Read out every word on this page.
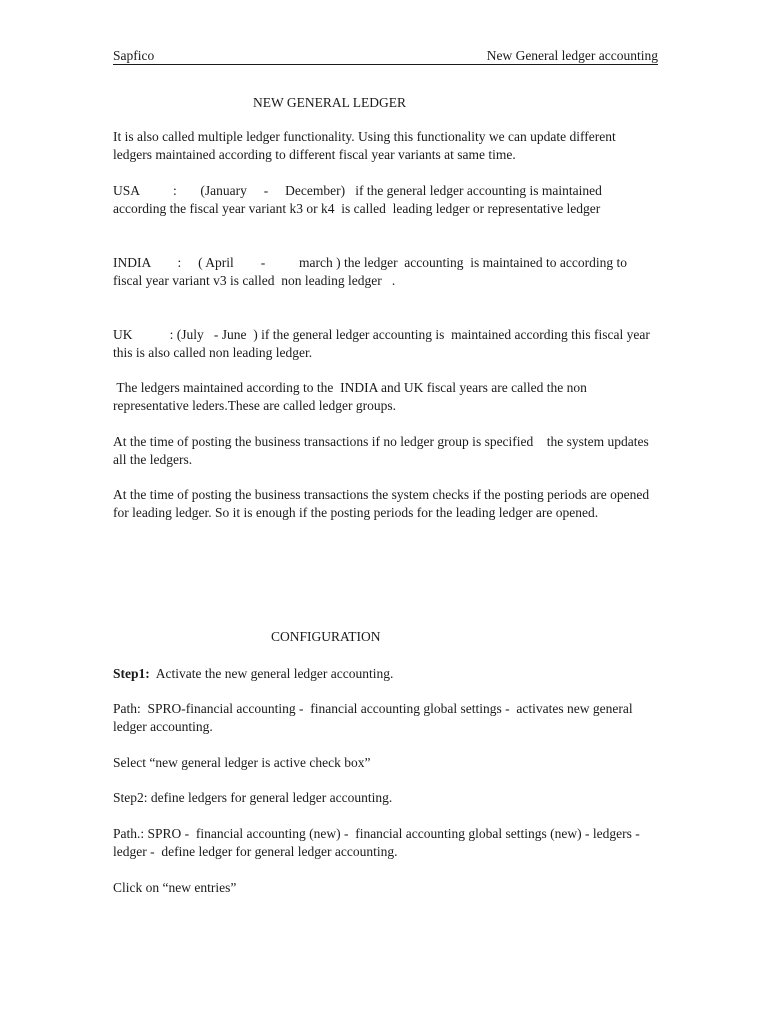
Sapfico	New General ledger accounting
NEW GENERAL LEDGER

It is also called multiple ledger functionality. Using this functionality we can update different ledgers maintained according to different fiscal year variants at same time.

USA          :       (January     -     December)   if the general ledger accounting is maintained according the fiscal year variant k3 or k4  is called  leading ledger or representative ledger

INDIA        :     ( April        -          march ) the ledger  accounting  is maintained to according to  fiscal year variant v3 is called  non leading ledger   .

UK           : (July   - June  ) if the general ledger accounting is  maintained according this fiscal year this is also called non leading ledger.

The ledgers maintained according to the  INDIA and UK fiscal years are called the non representative leders.These are called ledger groups.

At the time of posting the business transactions if no ledger group is specified    the system updates all the ledgers.

At the time of posting the business transactions the system checks if the posting periods are opened for leading ledger. So it is enough if the posting periods for the leading ledger are opened.

CONFIGURATION

Step1:  Activate the new general ledger accounting.

Path:  SPRO-financial accounting -  financial accounting global settings -  activates new general ledger accounting.

Select “new general ledger is active check box”

Step2: define ledgers for general ledger accounting.

Path.: SPRO -  financial accounting (new) -  financial accounting global settings (new) - ledgers - ledger -  define ledger for general ledger accounting.

Click on “new entries”
